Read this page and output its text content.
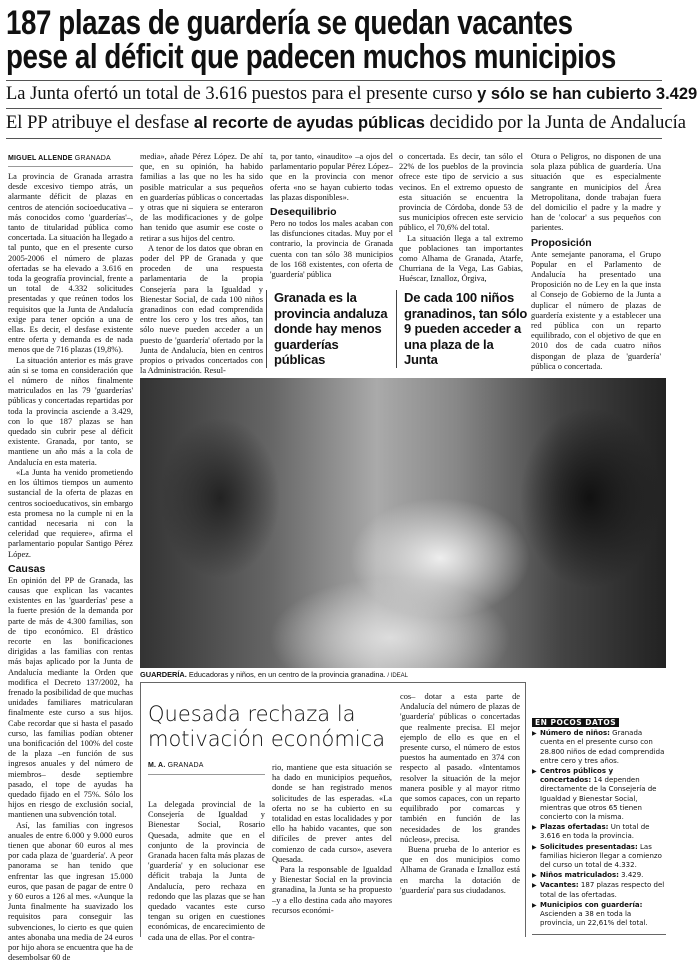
187 plazas de guardería se quedan vacantes
pese al déficit que padecen muchos municipios
La Junta ofertó un total de 3.616 puestos para el presente curso y sólo se han cubierto 3.429
El PP atribuye el desfase al recorte de ayudas públicas decidido por la Junta de Andalucía
MIGUEL ALLENDE GRANADA

La provincia de Granada arrastra desde excesivo tiempo atrás, un alarmante déficit de plazas en centros de atención socioeducativa –más conocidos como 'guarderías'–, tanto de titularidad pública como concertada. La situación ha llegado a tal punto, que en el presente curso 2005-2006 el número de plazas ofertadas se ha elevado a 3.616 en toda la geografía provincial, frente a un total de 4.332 solicitudes presentadas y que reúnen todos los requisitos que la Junta de Andalucía exige para tener opción a una de ellas. Es decir, el desfase existente entre oferta y demanda es de nada menos que de 716 plazas (19,8%).

La situación anterior es más grave aún si se toma en consideración que el número de niños finalmente matriculados en las 79 'guarderías' públicas y concertadas repartidas por toda la provincia asciende a 3.429, con lo que 187 plazas se han quedado sin cubrir pese al déficit existente. Granada, por tanto, se mantiene un año más a la cola de Andalucía en esta materia.

«La Junta ha venido prometiendo en los últimos tiempos un aumento sustancial de la oferta de plazas en centros socioeducativos, sin embargo esta promesa no la cumple ni en la cantidad necesaria ni con la celeridad que requiere», afirma el parlamentario popular Santigo Pérez López.

Causas

En opinión del PP de Granada, las causas que explican las vacantes existentes en las 'guarderías' pese a la fuerte presión de la demanda por parte de más de 4.300 familias, son de tipo económico. El drástico recorte en las bonificaciones dirigidas a las familias con rentas más bajas aplicado por la Junta de Andalucía mediante la Orden que modifica el Decreto 137/2002, ha frenado la posibilidad de que muchas unidades familiares matricularan finalmente este curso a sus hijos. Cabe recordar que si hasta el pasado curso, las familias podían obtener una bonificación del 100% del coste de la plaza –en función de sus ingresos anuales y del número de miembros– desde septiembre pasado, el tope de ayudas ha quedado fijado en el 75%. Sólo los hijos en riesgo de exclusión social, mantienen una subvención total.

Así, las familias con ingresos anuales de entre 6.000 y 9.000 euros tienen que abonar 60 euros al mes por cada plaza de 'guardería'. A peor panorama se han tenido que enfrentar las que ingresan 15.000 euros, que pasan de pagar de entre 0 y 60 euros a 126 al mes. «Aunque la Junta finalmente ha suavizado los requisitos para conseguir las subvenciones, lo cierto es que quien antes abonaba una media de 24 euros por hijo ahora se encuentra que ha de desembolsar 60 de

media», añade Pérez López. De ahí que, en su opinión, ha habido familias a las que no les ha sido posible matricular a sus pequeños en guarderías públicas o concertadas y otras que ni siquiera se enteraron de las modificaciones y de golpe han tenido que asumir ese coste o retirar a sus hijos del centro.

A tenor de los datos que obran en poder del PP de Granada y que proceden de una respuesta parlamentaria de la propia Consejería para la Igualdad y Bienestar Social, de cada 100 niños granadinos con edad comprendida entre los cero y los tres años, tan sólo nueve pueden acceder a un puesto de 'guardería' ofertado por la Junta de Andalucía, bien en centros propios o privados concertados con la Administración. Resul-

ta, por tanto, «inaudito» –a ojos del parlamentario popular Pérez López– que en la provincia con menor oferta «no se hayan cubierto todas las plazas disponibles».

Desequilibrio

Pero no todos los males acaban con las disfunciones citadas. Muy por el contrario, la provincia de Granada cuenta con tan sólo 38 municipios de los 168 existentes, con oferta de 'guardería' pública

o concertada. Es decir, tan sólo el 22% de los pueblos de la provincia ofrece este tipo de servicio a sus vecinos. En el extremo opuesto de esta situación se encuentra la provincia de Córdoba, donde 53 de sus municipios ofrecen este servicio público, el 70,6% del total.

La situación llega a tal extremo que poblaciones tan importantes como Alhama de Granada, Atarfe, Churriana de la Vega, Las Gabias, Huéscar, Iznalloz, Órgiva,

Otura o Peligros, no disponen de una sola plaza pública de guardería. Una situación que es especialmente sangrante en municipios del Área Metropolitana, donde trabajan fuera del domicilio el padre y la madre y han de 'colocar' a sus pequeños con parientes.

Proposición

Ante semejante panorama, el Grupo Popular en el Parlamento de Andalucía ha presentado una Proposición no de Ley en la que insta al Consejo de Gobierno de la Junta a duplicar el número de plazas de guardería existente y a establecer una red pública con un reparto equilibrado, con el objetivo de que en 2010 dos de cada cuatro niños dispongan de plaza de 'guardería' pública o concertada.

Granada es la provincia andaluza donde hay menos guarderías públicas
De cada 100 niños granadinos, tan sólo 9 pueden acceder a una plaza de la Junta
GUARDERÍA. Educadoras y niños, en un centro de la provincia granadina. / IDEAL
Quesada rechaza la
motivación económica
M. A. GRANADA

La delegada provincial de la Consejería de Igualdad y Bienestar Social, Rosario Quesada, admite que en el conjunto de la provincia de Granada hacen falta más plazas de 'guardería' y en solucionar ese déficit trabaja la Junta de Andalucía, pero rechaza en redondo que las plazas que se han quedado vacantes este curso tengan su origen en cuestiones económicas, de encarecimiento de cada una de ellas. Por el contra-

rio, mantiene que esta situación se ha dado en municipios pequeños, donde se han registrado menos solicitudes de las esperadas. «La oferta no se ha cubierto en su totalidad en estas localidades y por ello ha habido vacantes, que son difíciles de prever antes del comienzo de cada curso», asevera Quesada.

Para la responsable de Igualdad y Bienestar Social en la provincia granadina, la Junta se ha propuesto –y a ello destina cada año mayores recursos económi-

cos– dotar a esta parte de Andalucía del número de plazas de 'guardería' públicas o concertadas que realmente precisa. El mejor ejemplo de ello es que en el presente curso, el número de estos puestos ha aumentado en 374 con respecto al pasado. «Intentamos resolver la situación de la mejor manera posible y al mayor ritmo que somos capaces, con un reparto equilibrado por comarcas y también en función de las necesidades de los grandes núcleos», precisa.

Buena prueba de lo anterior es que en dos municipios como Alhama de Granada e Iznalloz está en marcha la dotación de 'guardería' para sus ciudadanos.

EN POCOS DATOS
▶ Número de niños: Granada cuenta en el presente curso con 28.800 niños de edad comprendida entre cero y tres años.
▶ Centros públicos y concertados: 14 dependen directamente de la Consejería de Igualdad y Bienestar Social, mientras que otros 65 tienen concierto con la misma.
▶ Plazas ofertadas: Un total de 3.616 en toda la provincia.
▶ Solicitudes presentadas: Las familias hicieron llegar a comienzo del curso un total de 4.332.
▶ Niños matriculados: 3.429.
▶ Vacantes: 187 plazas respecto del total de las ofertadas.
▶ Municipios con guardería: Ascienden a 38 en toda la provincia, un 22,61% del total.
